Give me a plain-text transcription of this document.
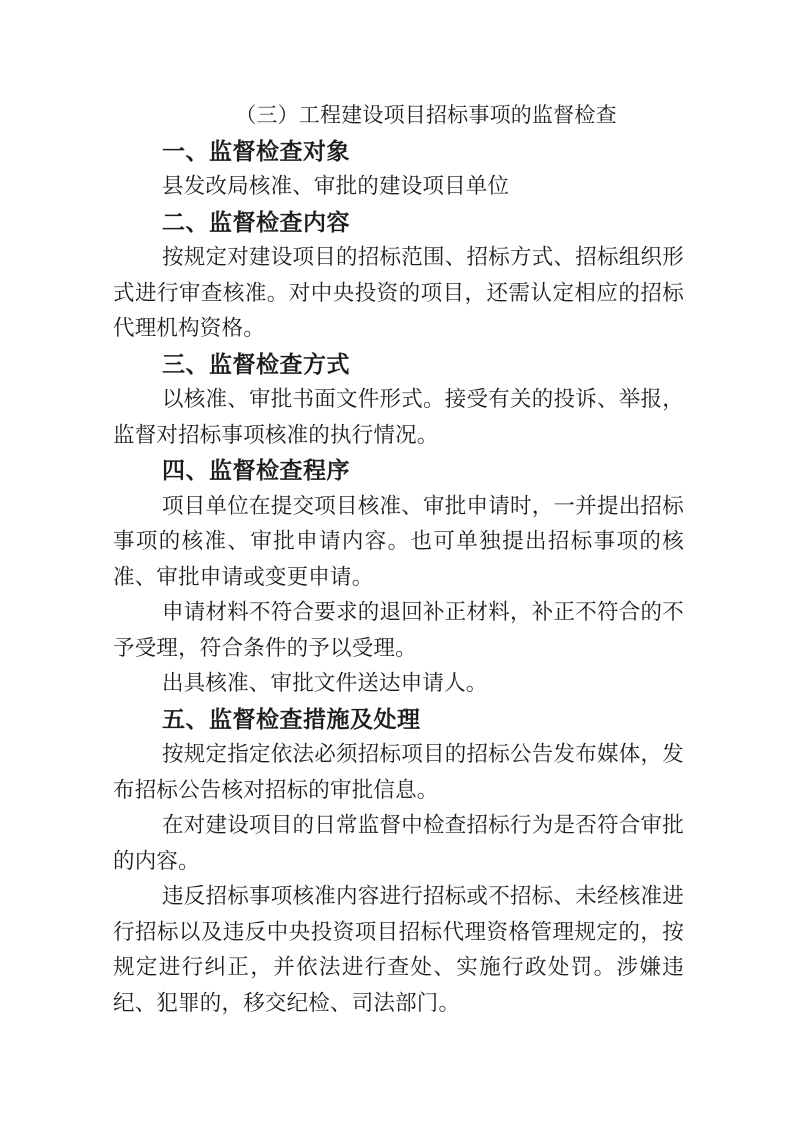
（三）工程建设项目招标事项的监督检查

一、监督检查对象

县发改局核准、审批的建设项目单位

二、监督检查内容

按规定对建设项目的招标范围、招标方式、招标组织形式进行审查核准。对中央投资的项目，还需认定相应的招标代理机构资格。

三、监督检查方式

以核准、审批书面文件形式。接受有关的投诉、举报，监督对招标事项核准的执行情况。

四、监督检查程序

项目单位在提交项目核准、审批申请时，一并提出招标事项的核准、审批申请内容。也可单独提出招标事项的核准、审批申请或变更申请。

申请材料不符合要求的退回补正材料，补正不符合的不予受理，符合条件的予以受理。

出具核准、审批文件送达申请人。

五、监督检查措施及处理

按规定指定依法必须招标项目的招标公告发布媒体，发布招标公告核对招标的审批信息。

在对建设项目的日常监督中检查招标行为是否符合审批的内容。

违反招标事项核准内容进行招标或不招标、未经核准进行招标以及违反中央投资项目招标代理资格管理规定的，按规定进行纠正，并依法进行查处、实施行政处罚。涉嫌违纪、犯罪的，移交纪检、司法部门。
